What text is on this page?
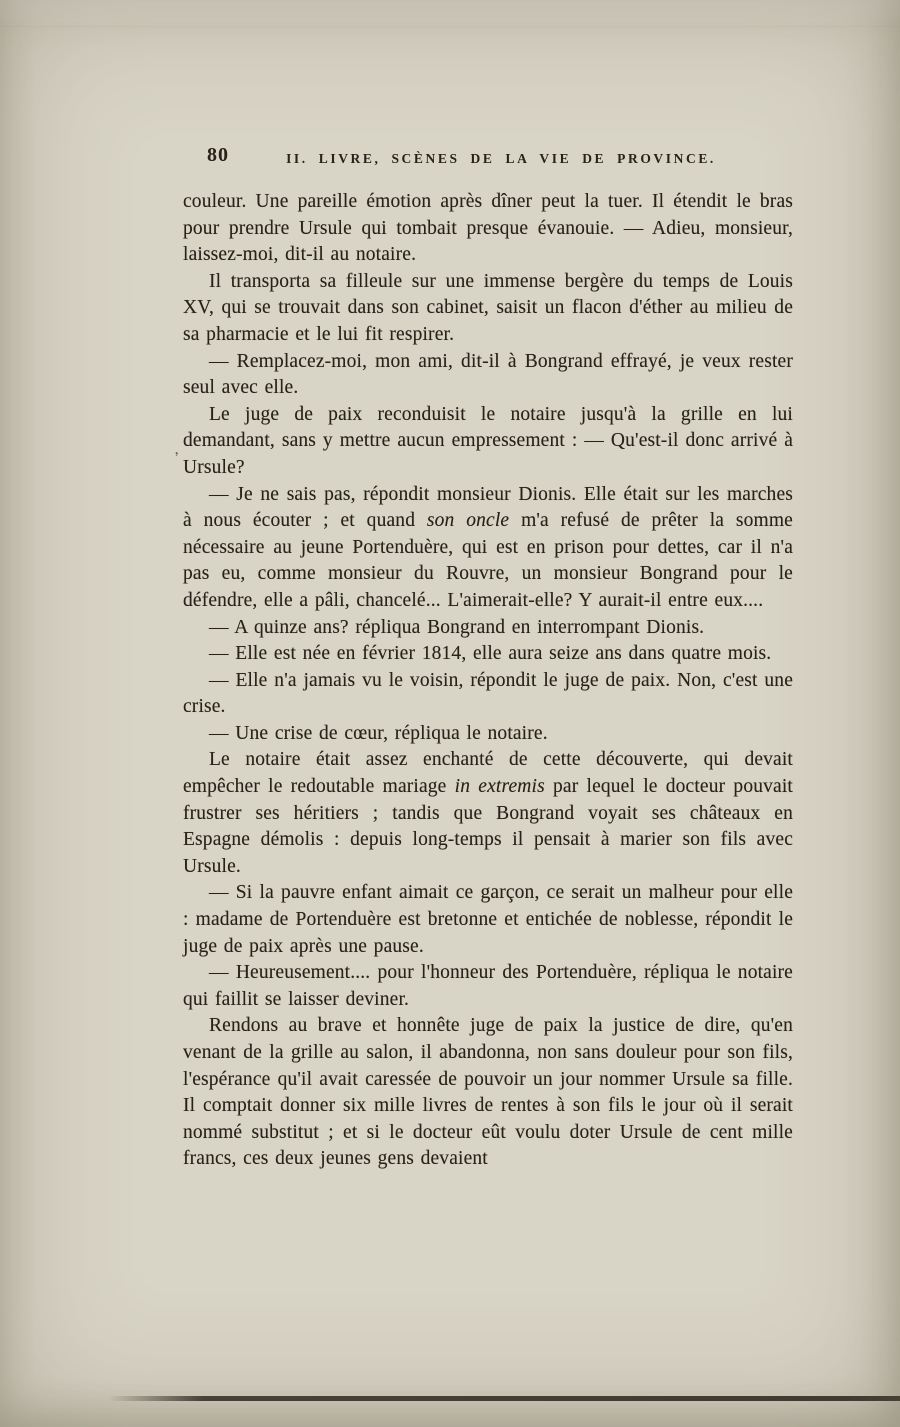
80	II. LIVRE, SCÈNES DE LA VIE DE PROVINCE.
’

couleur. Une pareille émotion après dîner peut la tuer. Il étendit le bras pour prendre Ursule qui tombait presque évanouie. — Adieu, monsieur, laissez-moi, dit-il au notaire.

Il transporta sa filleule sur une immense bergère du temps de Louis XV, qui se trouvait dans son cabinet, saisit un flacon d'éther au milieu de sa pharmacie et le lui fit respirer.

— Remplacez-moi, mon ami, dit-il à Bongrand effrayé, je veux rester seul avec elle.

Le juge de paix reconduisit le notaire jusqu'à la grille en lui demandant, sans y mettre aucun empressement : — Qu'est-il donc arrivé à Ursule?

— Je ne sais pas, répondit monsieur Dionis. Elle était sur les marches à nous écouter ; et quand son oncle m'a refusé de prêter la somme nécessaire au jeune Portenduère, qui est en prison pour dettes, car il n'a pas eu, comme monsieur du Rouvre, un monsieur Bongrand pour le défendre, elle a pâli, chancelé... L'aimerait-elle? Y aurait-il entre eux....

— A quinze ans? répliqua Bongrand en interrompant Dionis.

— Elle est née en février 1814, elle aura seize ans dans quatre mois.

— Elle n'a jamais vu le voisin, répondit le juge de paix. Non, c'est une crise.

— Une crise de cœur, répliqua le notaire.

Le notaire était assez enchanté de cette découverte, qui devait empêcher le redoutable mariage in extremis par lequel le docteur pouvait frustrer ses héritiers ; tandis que Bongrand voyait ses châteaux en Espagne démolis : depuis long-temps il pensait à marier son fils avec Ursule.

— Si la pauvre enfant aimait ce garçon, ce serait un malheur pour elle : madame de Portenduère est bretonne et entichée de noblesse, répondit le juge de paix après une pause.

— Heureusement.... pour l'honneur des Portenduère, répliqua le notaire qui faillit se laisser deviner.

Rendons au brave et honnête juge de paix la justice de dire, qu'en venant de la grille au salon, il abandonna, non sans douleur pour son fils, l'espérance qu'il avait caressée de pouvoir un jour nommer Ursule sa fille. Il comptait donner six mille livres de rentes à son fils le jour où il serait nommé substitut ; et si le docteur eût voulu doter Ursule de cent mille francs, ces deux jeunes gens devaient
